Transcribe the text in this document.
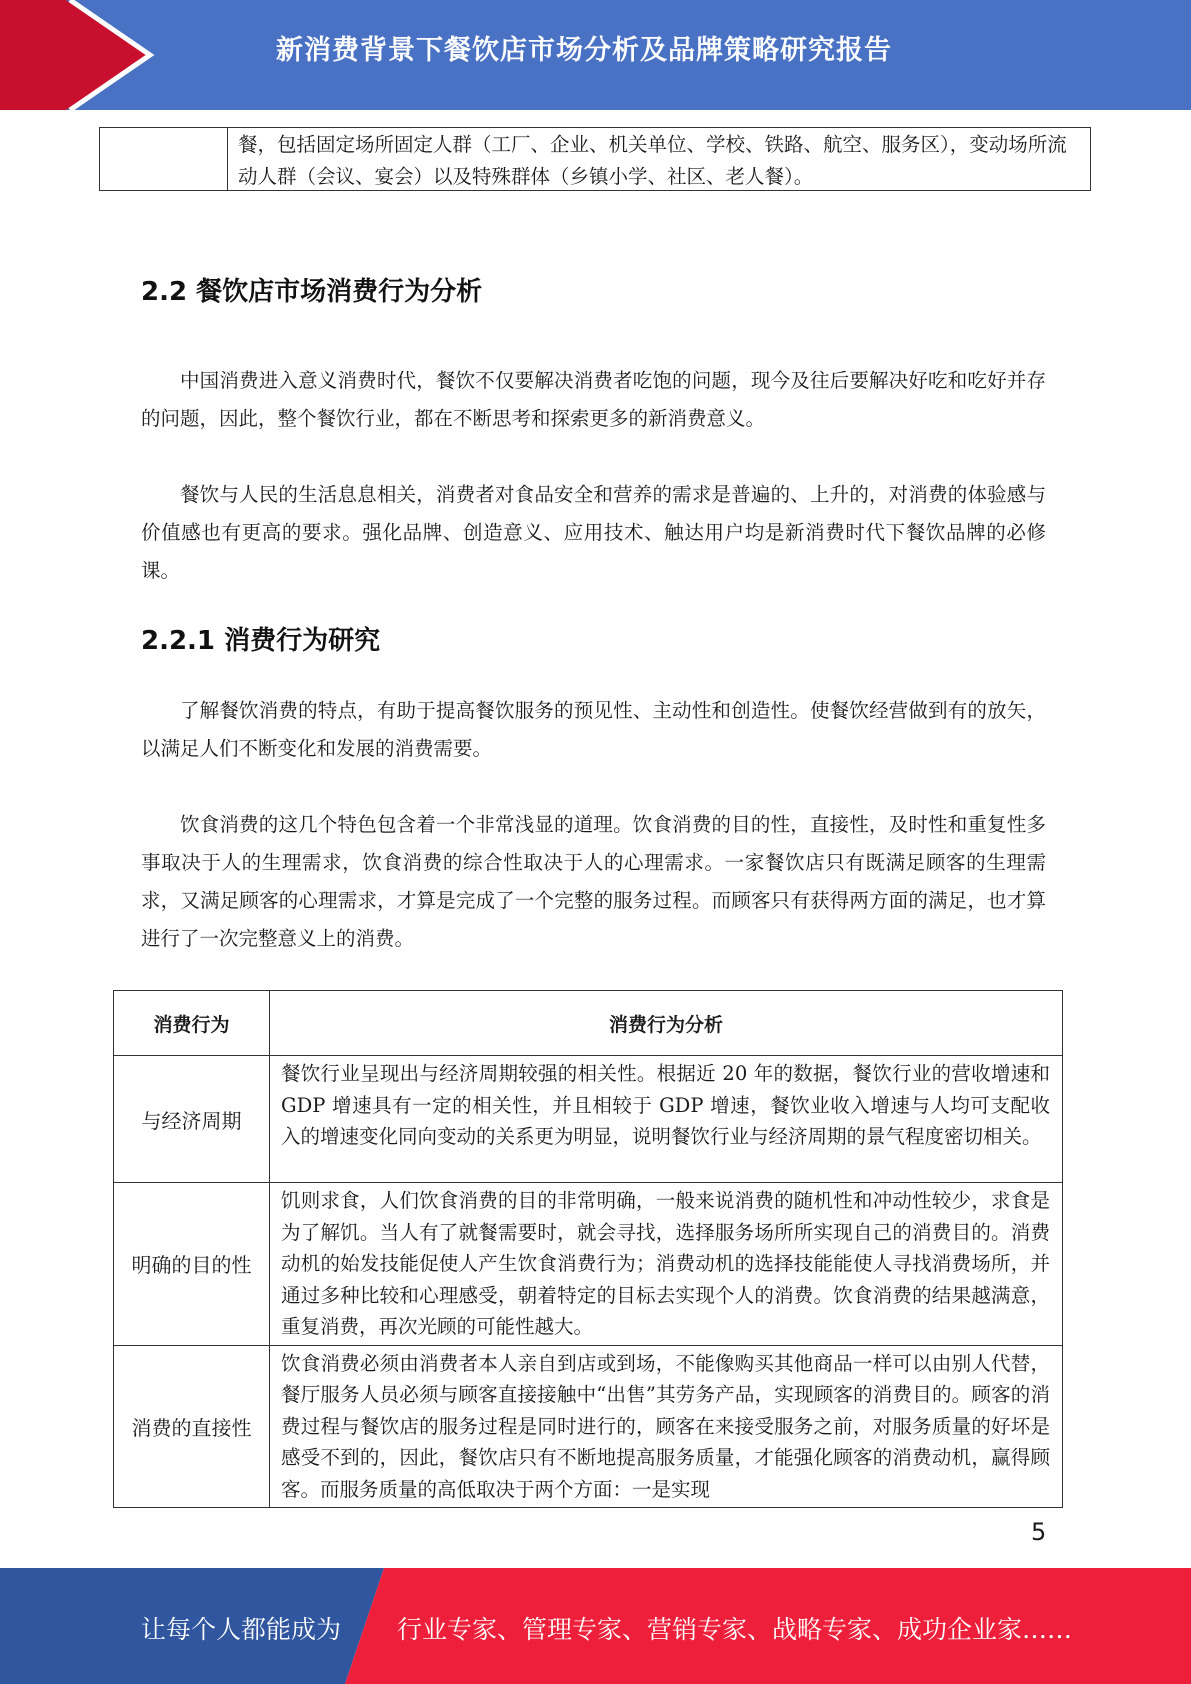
新消费背景下餐饮店市场分析及品牌策略研究报告
餐，包括固定场所固定人群（工厂、企业、机关单位、学校、铁路、航空、服务区），变动场所流动人群（会议、宴会）以及特殊群体（乡镇小学、社区、老人餐）。
2.2 餐饮店市场消费行为分析
中国消费进入意义消费时代，餐饮不仅要解决消费者吃饱的问题，现今及往后要解决好吃和吃好并存的问题，因此，整个餐饮行业，都在不断思考和探索更多的新消费意义。
餐饮与人民的生活息息相关，消费者对食品安全和营养的需求是普遍的、上升的，对消费的体验感与价值感也有更高的要求。强化品牌、创造意义、应用技术、触达用户均是新消费时代下餐饮品牌的必修课。
2.2.1 消费行为研究
了解餐饮消费的特点，有助于提高餐饮服务的预见性、主动性和创造性。使餐饮经营做到有的放矢，以满足人们不断变化和发展的消费需要。
饮食消费的这几个特色包含着一个非常浅显的道理。饮食消费的目的性，直接性，及时性和重复性多事取决于人的生理需求，饮食消费的综合性取决于人的心理需求。一家餐饮店只有既满足顾客的生理需求，又满足顾客的心理需求，才算是完成了一个完整的服务过程。而顾客只有获得两方面的满足，也才算进行了一次完整意义上的消费。
消费行为	消费行为分析
与经济周期	餐饮行业呈现出与经济周期较强的相关性。根据近 20 年的数据，餐饮行业的营收增速和 GDP 增速具有一定的相关性，并且相较于 GDP 增速，餐饮业收入增速与人均可支配收入的增速变化同向变动的关系更为明显，说明餐饮行业与经济周期的景气程度密切相关。
明确的目的性	饥则求食，人们饮食消费的目的非常明确，一般来说消费的随机性和冲动性较少，求食是为了解饥。当人有了就餐需要时，就会寻找，选择服务场所所实现自己的消费目的。消费动机的始发技能促使人产生饮食消费行为；消费动机的选择技能能使人寻找消费场所，并通过多种比较和心理感受，朝着特定的目标去实现个人的消费。饮食消费的结果越满意，重复消费，再次光顾的可能性越大。
消费的直接性	饮食消费必须由消费者本人亲自到店或到场，不能像购买其他商品一样可以由别人代替，餐厅服务人员必须与顾客直接接触中“出售”其劳务产品，实现顾客的消费目的。顾客的消费过程与餐饮店的服务过程是同时进行的，顾客在来接受服务之前，对服务质量的好坏是感受不到的，因此，餐饮店只有不断地提高服务质量，才能强化顾客的消费动机，赢得顾客。而服务质量的高低取决于两个方面：一是实现
5
让每个人都能成为 行业专家、管理专家、营销专家、战略专家、成功企业家……
